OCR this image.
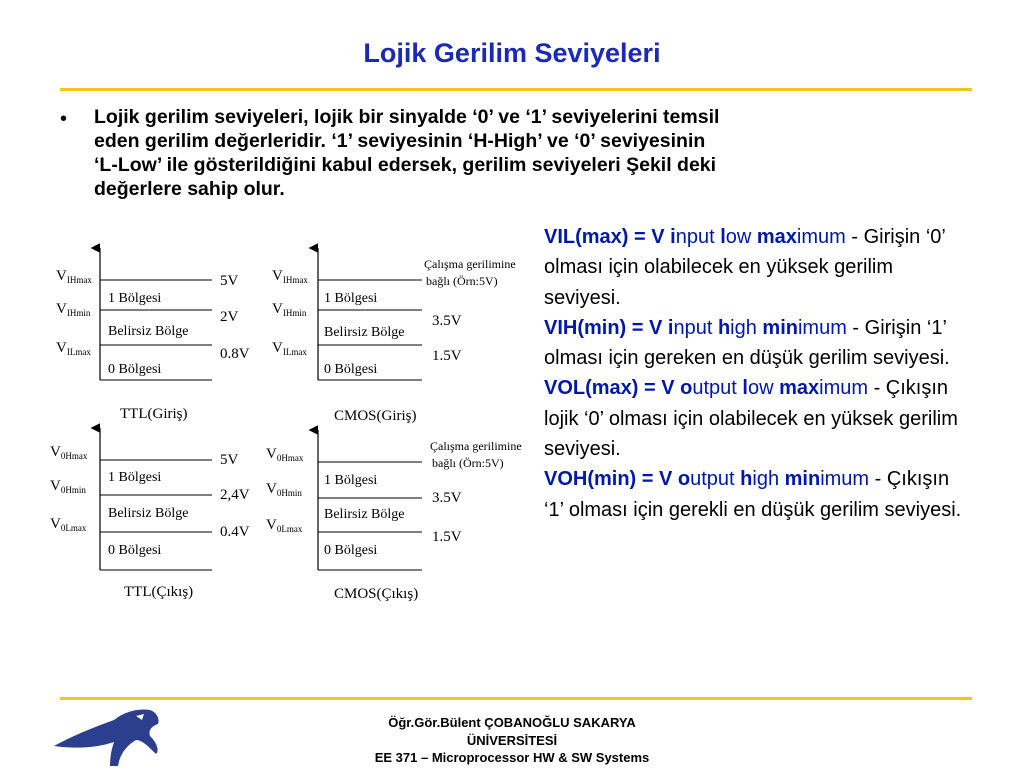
Lojik Gerilim Seviyeleri
• Lojik gerilim seviyeleri, lojik bir sinyalde ‘0’ ve ‘1’ seviyelerini temsil
eden gerilim değerleridir. ‘1’ seviyesinin ‘H-High’ ve ‘0’ seviyesinin
‘L-Low’ ile gösterildiğini kabul edersek, gerilim seviyeleri Şekil deki
değerlere sahip olur.
$V_{IHmax}$
$V_{IHmin}$
$V_{ILmax}$
1 Bölgesi
Belirsiz Bölge
0 Bölgesi
5V
2V
0.8V
TTL(Giriş)
$V_{IHmax}$
$V_{IHmin}$
$V_{ILmax}$
1 Bölgesi
Belirsiz Bölge
0 Bölgesi
Çalışma gerilimine
bağlı (Örn:5V)
3.5V
1.5V
CMOS(Giriş)
$V_{0Hmax}$
$V_{0Hmin}$
$V_{0Lmax}$
1 Bölgesi
Belirsiz Bölge
0 Bölgesi
5V
2,4V
0.4V
TTL(Çıkış)
$V_{0Hmax}$
$V_{0Hmin}$
$V_{0Lmax}$
1 Bölgesi
Belirsiz Bölge
0 Bölgesi
Çalışma gerilimine
bağlı (Örn:5V)
3.5V
1.5V
CMOS(Çıkış)
VIL(max) = V input low maximum - Girişin ‘0’ olması için olabilecek en yüksek gerilim seviyesi.
VIH(min) = V input high minimum - Girişin ‘1’ olması için gereken en düşük gerilim seviyesi.
VOL(max) = V output low maximum - Çıkışın lojik ‘0’ olması için olabilecek en yüksek gerilim seviyesi.
VOH(min) = V output high minimum - Çıkışın ‘1’ olması için gerekli en düşük gerilim seviyesi.
Öğr.Gör.Bülent ÇOBANOĞLU SAKARYA
ÜNİVERSİTESİ
EE 371 – Microprocessor HW & SW Systems
